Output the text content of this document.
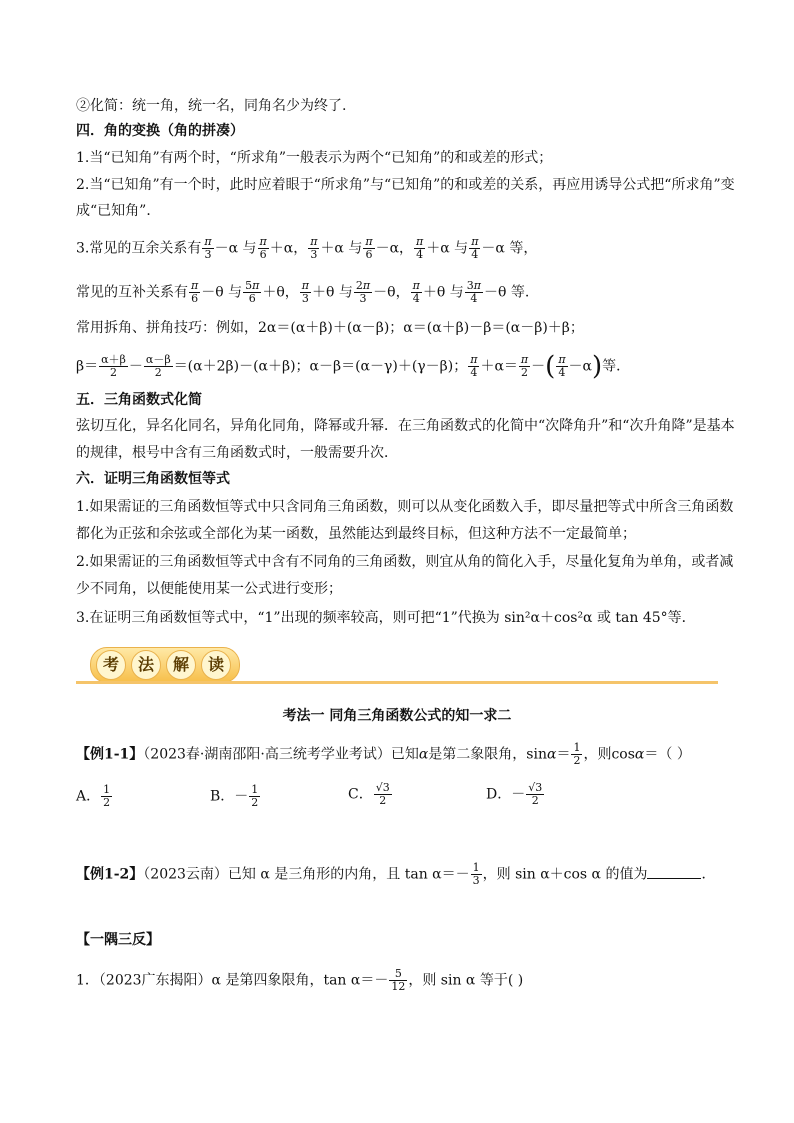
②化简：统一角，统一名，同角名少为终了.
四．角的变换（角的拼凑）
1.当“已知角”有两个时，“所求角”一般表示为两个“已知角”的和或差的形式；
2.当“已知角”有一个时，此时应着眼于“所求角”与“已知角”的和或差的关系，再应用诱导公式把“所求角”变
成“已知角”．
3.常见的互余关系有 $\frac{\pi}{3} -\alpha$ 与 $\frac{\pi}{6} +\alpha$， $\frac{\pi}{3} +\alpha$ 与 $\frac{\pi}{6} -\alpha$， $\frac{\pi}{4} +\alpha$ 与 $\frac{\pi}{4} -\alpha$ 等，
常见的互补关系有 $\frac{\pi}{6} -\theta$ 与 $\frac{5\pi}{6} +\theta$， $\frac{\pi}{3} +\theta$ 与 $\frac{2\pi}{3} -\theta$， $\frac{\pi}{4} +\theta$ 与 $\frac{3\pi}{4} -\theta$ 等.
常用拆角、拼角技巧：例如，2α＝(α＋β)＋(α－β)；α＝(α＋β)－β＝(α－β)＋β；
$\beta= \frac{\alpha+\beta}{2} - \frac{\alpha-\beta}{2} =(\alpha+2\beta)-(\alpha+\beta)$；α－β＝(α－γ)＋(γ－β)； $\frac{\pi}{4} +\alpha= \frac{\pi}{2}$ －( $\frac{\pi}{4} -\alpha$)等．
五．三角函数式化简
弦切互化，异名化同名，异角化同角，降幂或升幂．在三角函数式的化简中“次降角升”和“次升角降”是基本
的规律，根号中含有三角函数式时，一般需要升次．
六．证明三角函数恒等式
1.如果需证的三角函数恒等式中只含同角三角函数，则可以从变化函数入手，即尽量把等式中所含三角函数
都化为正弦和余弦或全部化为某一函数，虽然能达到最终目标，但这种方法不一定最简单；
2.如果需证的三角函数恒等式中含有不同角的三角函数，则宜从角的简化入手，尽量化复角为单角，或者减
少不同角，以便能使用某一公式进行变形；
3.在证明三角函数恒等式中，“1”出现的频率较高，则可把“1”代换为 sin²α＋cos²α 或 tan 45°等．
考	法	解	读
考法一 同角三角函数公式的知一求二
【例1-1】（2023春·湖南邵阳·高三统考学业考试）已知α是第二象限角，$\sin\alpha= \frac{1}{2}$ ，则cosα＝（ ）
A． $\frac{1}{2}$	B．－ $\frac{1}{2}$	C． $\frac{√3}{2}$	D．－ $\frac{√3}{2}$
【例1-2】（2023云南）已知 α 是三角形的内角，且 $\tan \alpha=- \frac{1}{3}$ ，则 sin α＋cos α 的值为	．
【一隅三反】
1．（2023广东揭阳）α 是第四象限角，$\tan \alpha=- \frac{5}{12}$ ，则 sin α 等于( )
